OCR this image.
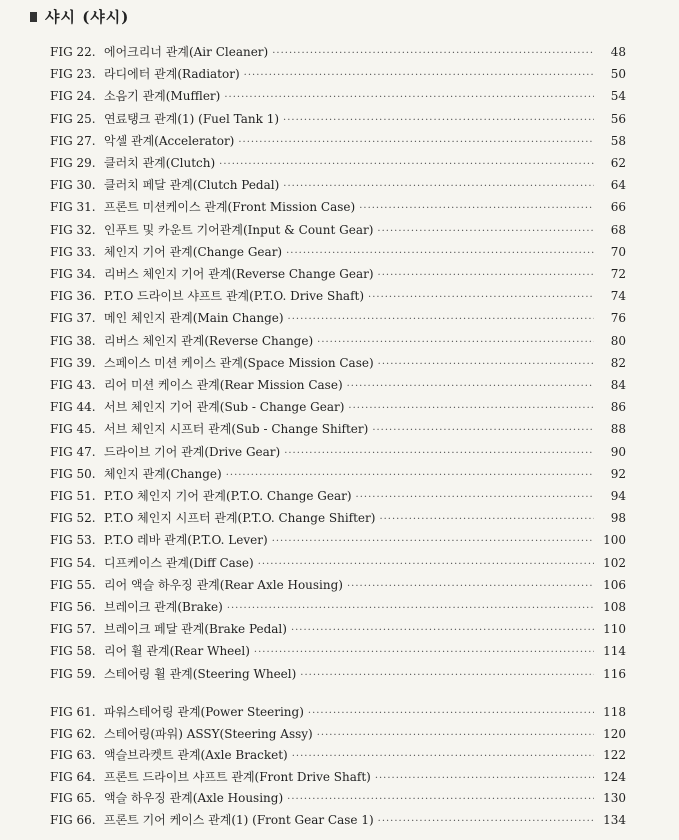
샤시 (샤시)
FIG 22. 에어크리너 관계(Air Cleaner) ·····	48
FIG 23. 라디에터 관계(Radiator) ·····	50
FIG 24. 소음기 관계(Muffler) ·····	54
FIG 25. 연료탱크 관계(1) (Fuel Tank 1) ·····	56
FIG 27. 악셀 관계(Accelerator) ·····	58
FIG 29. 클러치 관계(Clutch) ·····	62
FIG 30. 클러치 페달 관계(Clutch Pedal) ·····	64
FIG 31. 프론트 미션케이스 관계(Front Mission Case) ·····	66
FIG 32. 인푸트 및 카운트 기어관계(Input & Count Gear) ·····	68
FIG 33. 체인지 기어 관계(Change Gear) ·····	70
FIG 34. 리버스 체인지 기어 관계(Reverse Change Gear) ·····	72
FIG 36. P.T.O 드라이브 샤프트 관계(P.T.O. Drive Shaft) ·····	74
FIG 37. 메인 체인지 관계(Main Change) ·····	76
FIG 38. 리버스 체인지 관계(Reverse Change) ·····	80
FIG 39. 스페이스 미션 케이스 관계(Space Mission Case) ·····	82
FIG 43. 리어 미션 케이스 관계(Rear Mission Case) ·····	84
FIG 44. 서브 체인지 기어 관계(Sub - Change Gear) ·····	86
FIG 45. 서브 체인지 시프터 관계(Sub - Change Shifter) ·····	88
FIG 47. 드라이브 기어 관계(Drive Gear) ·····	90
FIG 50. 체인지 관계(Change) ·····	92
FIG 51. P.T.O 체인지 기어 관계(P.T.O. Change Gear) ·····	94
FIG 52. P.T.O 체인지 시프터 관계(P.T.O. Change Shifter) ·····	98
FIG 53. P.T.O 레바 관계(P.T.O. Lever) ·····	100
FIG 54. 디프케이스 관계(Diff Case) ·····	102
FIG 55. 리어 액슬 하우징 관계(Rear Axle Housing) ·····	106
FIG 56. 브레이크 관계(Brake) ·····	108
FIG 57. 브레이크 페달 관계(Brake Pedal) ·····	110
FIG 58. 리어 휠 관계(Rear Wheel) ·····	114
FIG 59. 스테어링 휠 관계(Steering Wheel) ·····	116
FIG 61. 파워스테어링 관계(Power Steering) ·····	118
FIG 62. 스테어링(파워) ASSY(Steering Assy) ·····	120
FIG 63. 액슬브라켓트 관계(Axle Bracket) ·····	122
FIG 64. 프론트 드라이브 샤프트 관계(Front Drive Shaft) ·····	124
FIG 65. 액슬 하우징 관계(Axle Housing) ·····	130
FIG 66. 프론트 기어 케이스 관계(1) (Front Gear Case 1) ·····	134
